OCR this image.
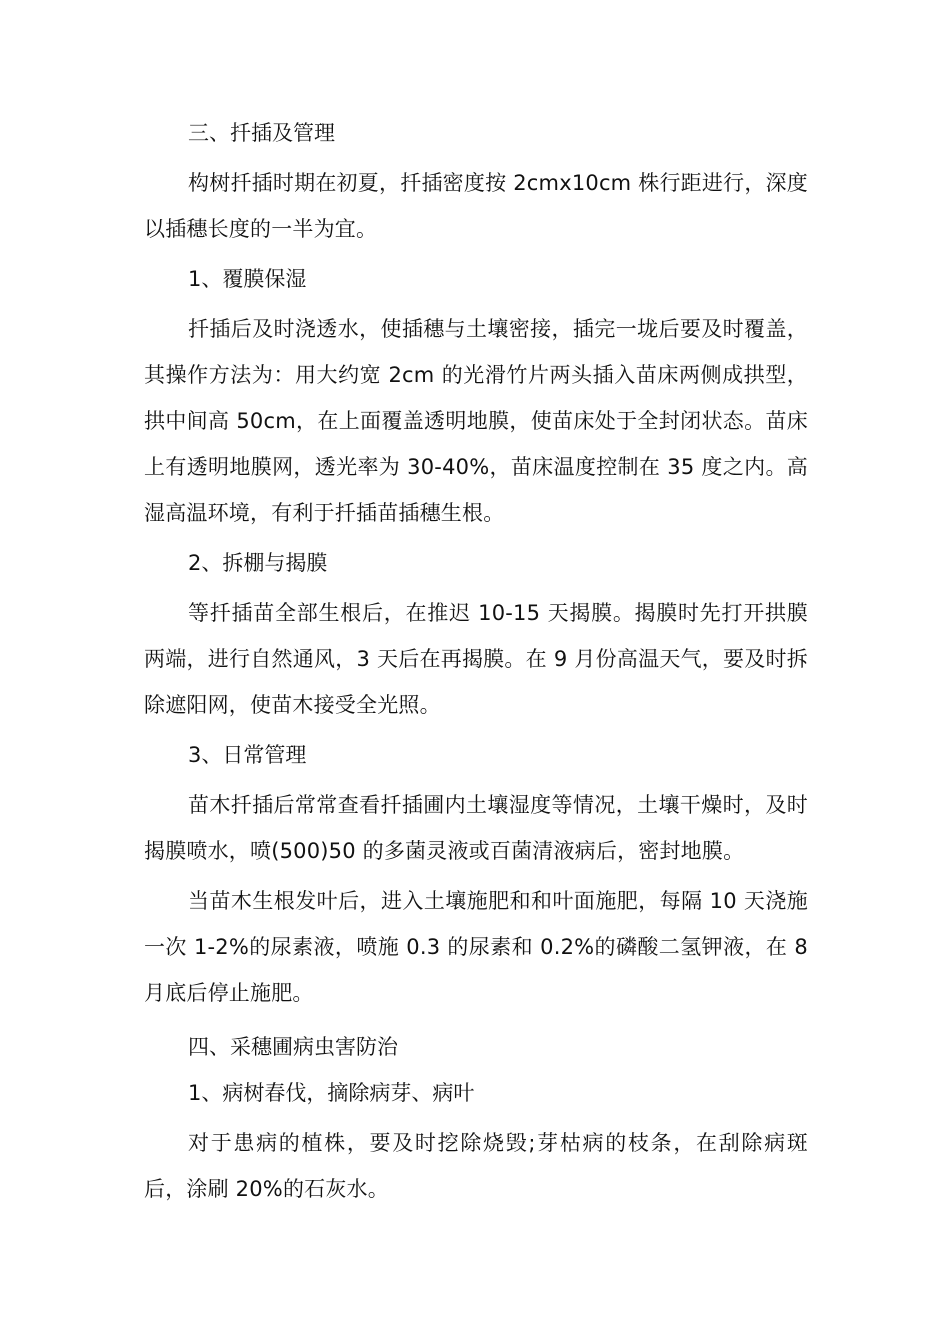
三、扦插及管理

构树扦插时期在初夏，扦插密度按 2cmx10cm 株行距进行，深度以插穗长度的一半为宜。

1、覆膜保湿

扦插后及时浇透水，使插穗与土壤密接，插完一垅后要及时覆盖，其操作方法为：用大约宽 2cm 的光滑竹片两头插入苗床两侧成拱型，拱中间高 50cm，在上面覆盖透明地膜，使苗床处于全封闭状态。苗床上有透明地膜网，透光率为 30-40%，苗床温度控制在 35 度之内。高湿高温环境，有利于扦插苗插穗生根。

2、拆棚与揭膜

等扦插苗全部生根后，在推迟 10-15 天揭膜。揭膜时先打开拱膜两端，进行自然通风，3 天后在再揭膜。在 9 月份高温天气，要及时拆除遮阳网，使苗木接受全光照。

3、日常管理

苗木扦插后常常查看扦插圃内土壤湿度等情况，土壤干燥时，及时揭膜喷水，喷(500)50 的多菌灵液或百菌清液病后，密封地膜。

当苗木生根发叶后，进入土壤施肥和和叶面施肥，每隔 10 天浇施一次 1-2%的尿素液，喷施 0.3 的尿素和 0.2%的磷酸二氢钾液，在 8 月底后停止施肥。

四、采穗圃病虫害防治

1、病树春伐，摘除病芽、病叶

对于患病的植株，要及时挖除烧毁;芽枯病的枝条，在刮除病斑后，涂刷 20%的石灰水。
